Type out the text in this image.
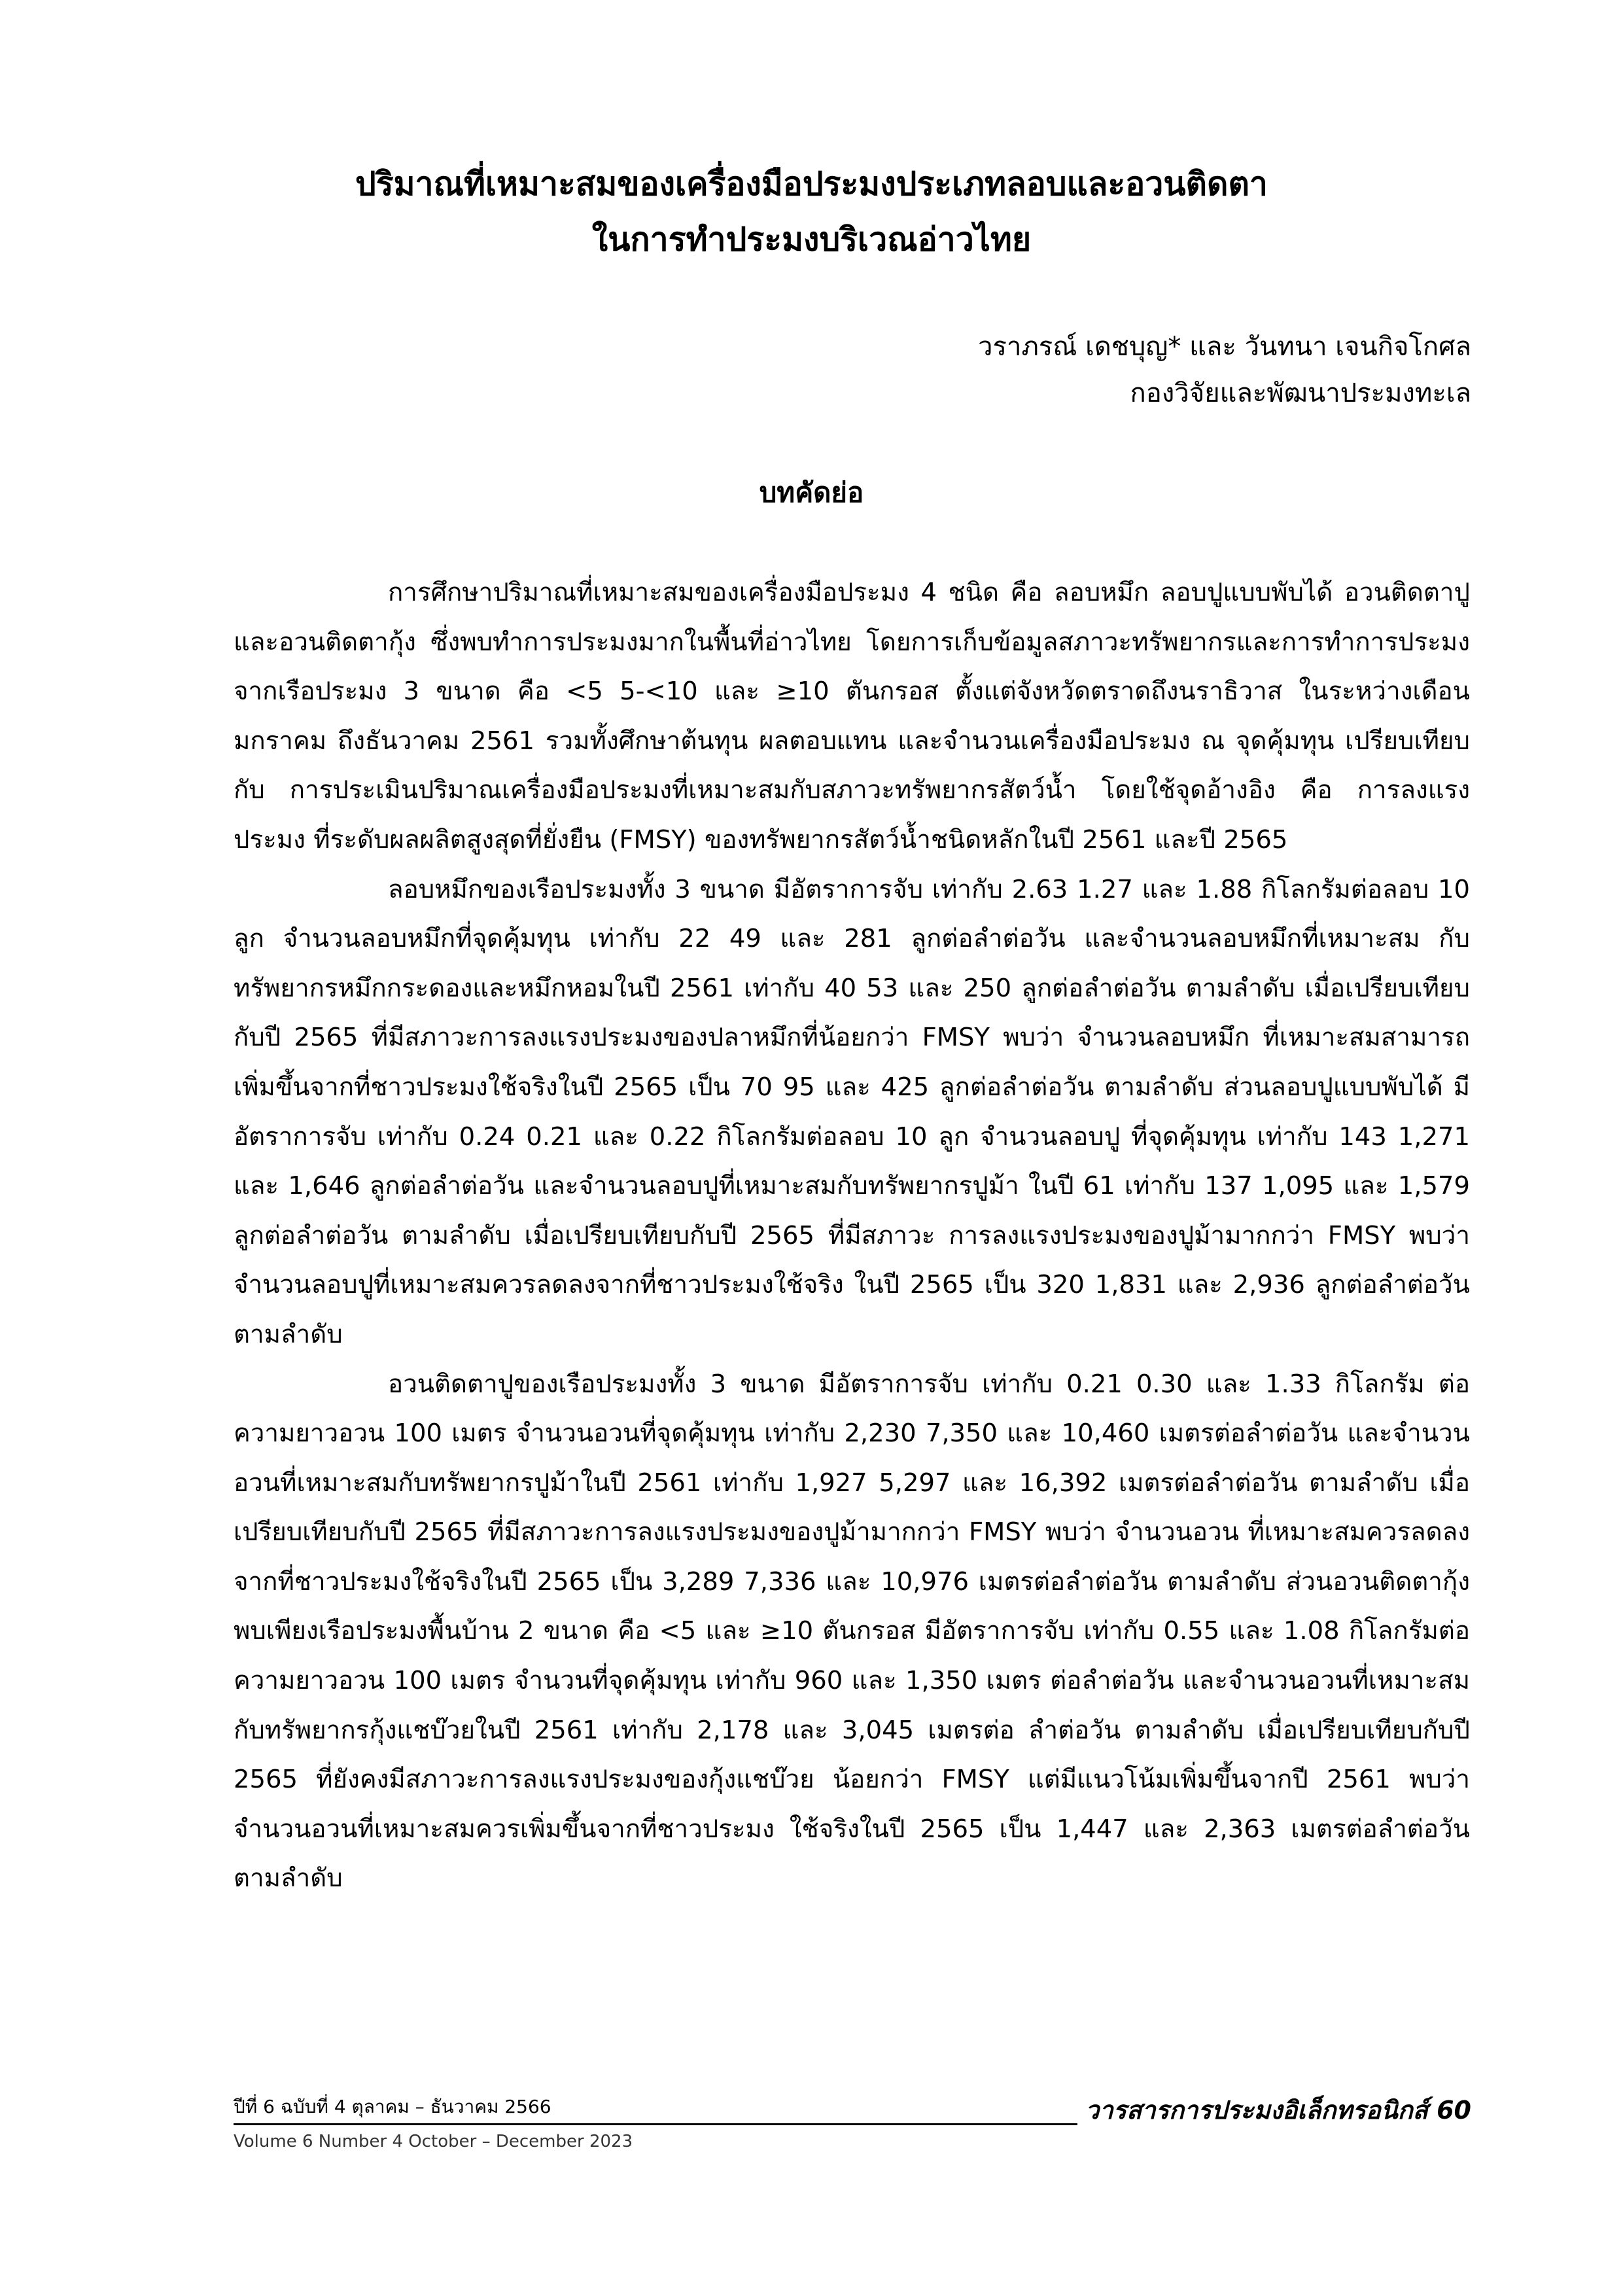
ปริมาณที่เหมาะสมของเครื่องมือประมงประเภทลอบและอวนติดตา
ในการทำประมงบริเวณอ่าวไทย
วราภรณ์ เดชบุญ* และ วันทนา เจนกิจโกศล
กองวิจัยและพัฒนาประมงทะเล
บทคัดย่อ

การศึกษาปริมาณที่เหมาะสมของเครื่องมือประมง 4 ชนิด คือ ลอบหมึก ลอบปูแบบพับได้ อวนติดตาปู และอวนติดตากุ้ง ซึ่งพบทำการประมงมากในพื้นที่อ่าวไทย โดยการเก็บข้อมูลสภาวะทรัพยากรและการทำการประมง จากเรือประมง 3 ขนาด คือ <5 5-<10 และ ≥10 ตันกรอส ตั้งแต่จังหวัดตราดถึงนราธิวาส ในระหว่างเดือนมกราคม ถึงธันวาคม 2561 รวมทั้งศึกษาต้นทุน ผลตอบแทน และจำนวนเครื่องมือประมง ณ จุดคุ้มทุน เปรียบเทียบกับ การประเมินปริมาณเครื่องมือประมงที่เหมาะสมกับสภาวะทรัพยากรสัตว์น้ำ โดยใช้จุดอ้างอิง คือ การลงแรงประมง ที่ระดับผลผลิตสูงสุดที่ยั่งยืน (FMSY) ของทรัพยากรสัตว์น้ำชนิดหลักในปี 2561 และปี 2565

ลอบหมึกของเรือประมงทั้ง 3 ขนาด มีอัตราการจับ เท่ากับ 2.63 1.27 และ 1.88 กิโลกรัมต่อลอบ 10 ลูก จำนวนลอบหมึกที่จุดคุ้มทุน เท่ากับ 22 49 และ 281 ลูกต่อลำต่อวัน และจำนวนลอบหมึกที่เหมาะสม กับทรัพยากรหมึกกระดองและหมึกหอมในปี 2561 เท่ากับ 40 53 และ 250 ลูกต่อลำต่อวัน ตามลำดับ เมื่อเปรียบเทียบกับปี 2565 ที่มีสภาวะการลงแรงประมงของปลาหมึกที่น้อยกว่า FMSY พบว่า จำนวนลอบหมึก ที่เหมาะสมสามารถเพิ่มขึ้นจากที่ชาวประมงใช้จริงในปี 2565 เป็น 70 95 และ 425 ลูกต่อลำต่อวัน ตามลำดับ ส่วนลอบปูแบบพับได้ มีอัตราการจับ เท่ากับ 0.24 0.21 และ 0.22 กิโลกรัมต่อลอบ 10 ลูก จำนวนลอบปู ที่จุดคุ้มทุน เท่ากับ 143 1,271 และ 1,646 ลูกต่อลำต่อวัน และจำนวนลอบปูที่เหมาะสมกับทรัพยากรปูม้า ในปี 61 เท่ากับ 137 1,095 และ 1,579 ลูกต่อลำต่อวัน ตามลำดับ เมื่อเปรียบเทียบกับปี 2565 ที่มีสภาวะ การลงแรงประมงของปูม้ามากกว่า FMSY พบว่า จำนวนลอบปูที่เหมาะสมควรลดลงจากที่ชาวประมงใช้จริง ในปี 2565 เป็น 320 1,831 และ 2,936 ลูกต่อลำต่อวัน ตามลำดับ

อวนติดตาปูของเรือประมงทั้ง 3 ขนาด มีอัตราการจับ เท่ากับ 0.21 0.30 และ 1.33 กิโลกรัม ต่อความยาวอวน 100 เมตร จำนวนอวนที่จุดคุ้มทุน เท่ากับ 2,230 7,350 และ 10,460 เมตรต่อลำต่อวัน และจำนวนอวนที่เหมาะสมกับทรัพยากรปูม้าในปี 2561 เท่ากับ 1,927 5,297 และ 16,392 เมตรต่อลำต่อวัน ตามลำดับ เมื่อเปรียบเทียบกับปี 2565 ที่มีสภาวะการลงแรงประมงของปูม้ามากกว่า FMSY พบว่า จำนวนอวน ที่เหมาะสมควรลดลงจากที่ชาวประมงใช้จริงในปี 2565 เป็น 3,289 7,336 และ 10,976 เมตรต่อลำต่อวัน ตามลำดับ ส่วนอวนติดตากุ้งพบเพียงเรือประมงพื้นบ้าน 2 ขนาด คือ <5 และ ≥10 ตันกรอส มีอัตราการจับ เท่ากับ 0.55 และ 1.08 กิโลกรัมต่อความยาวอวน 100 เมตร จำนวนที่จุดคุ้มทุน เท่ากับ 960 และ 1,350 เมตร ต่อลำต่อวัน และจำนวนอวนที่เหมาะสมกับทรัพยากรกุ้งแชบ๊วยในปี 2561 เท่ากับ 2,178 และ 3,045 เมตรต่อ ลำต่อวัน ตามลำดับ เมื่อเปรียบเทียบกับปี 2565 ที่ยังคงมีสภาวะการลงแรงประมงของกุ้งแชบ๊วย น้อยกว่า FMSY แต่มีแนวโน้มเพิ่มขึ้นจากปี 2561 พบว่าจำนวนอวนที่เหมาะสมควรเพิ่มขึ้นจากที่ชาวประมง ใช้จริงในปี 2565 เป็น 1,447 และ 2,363 เมตรต่อลำต่อวัน ตามลำดับ

ปีที่ 6 ฉบับที่ 4 ตุลาคม – ธันวาคม 2566
Volume 6 Number 4 October – December 2023
วารสารการประมงอิเล็กทรอนิกส์ 60
